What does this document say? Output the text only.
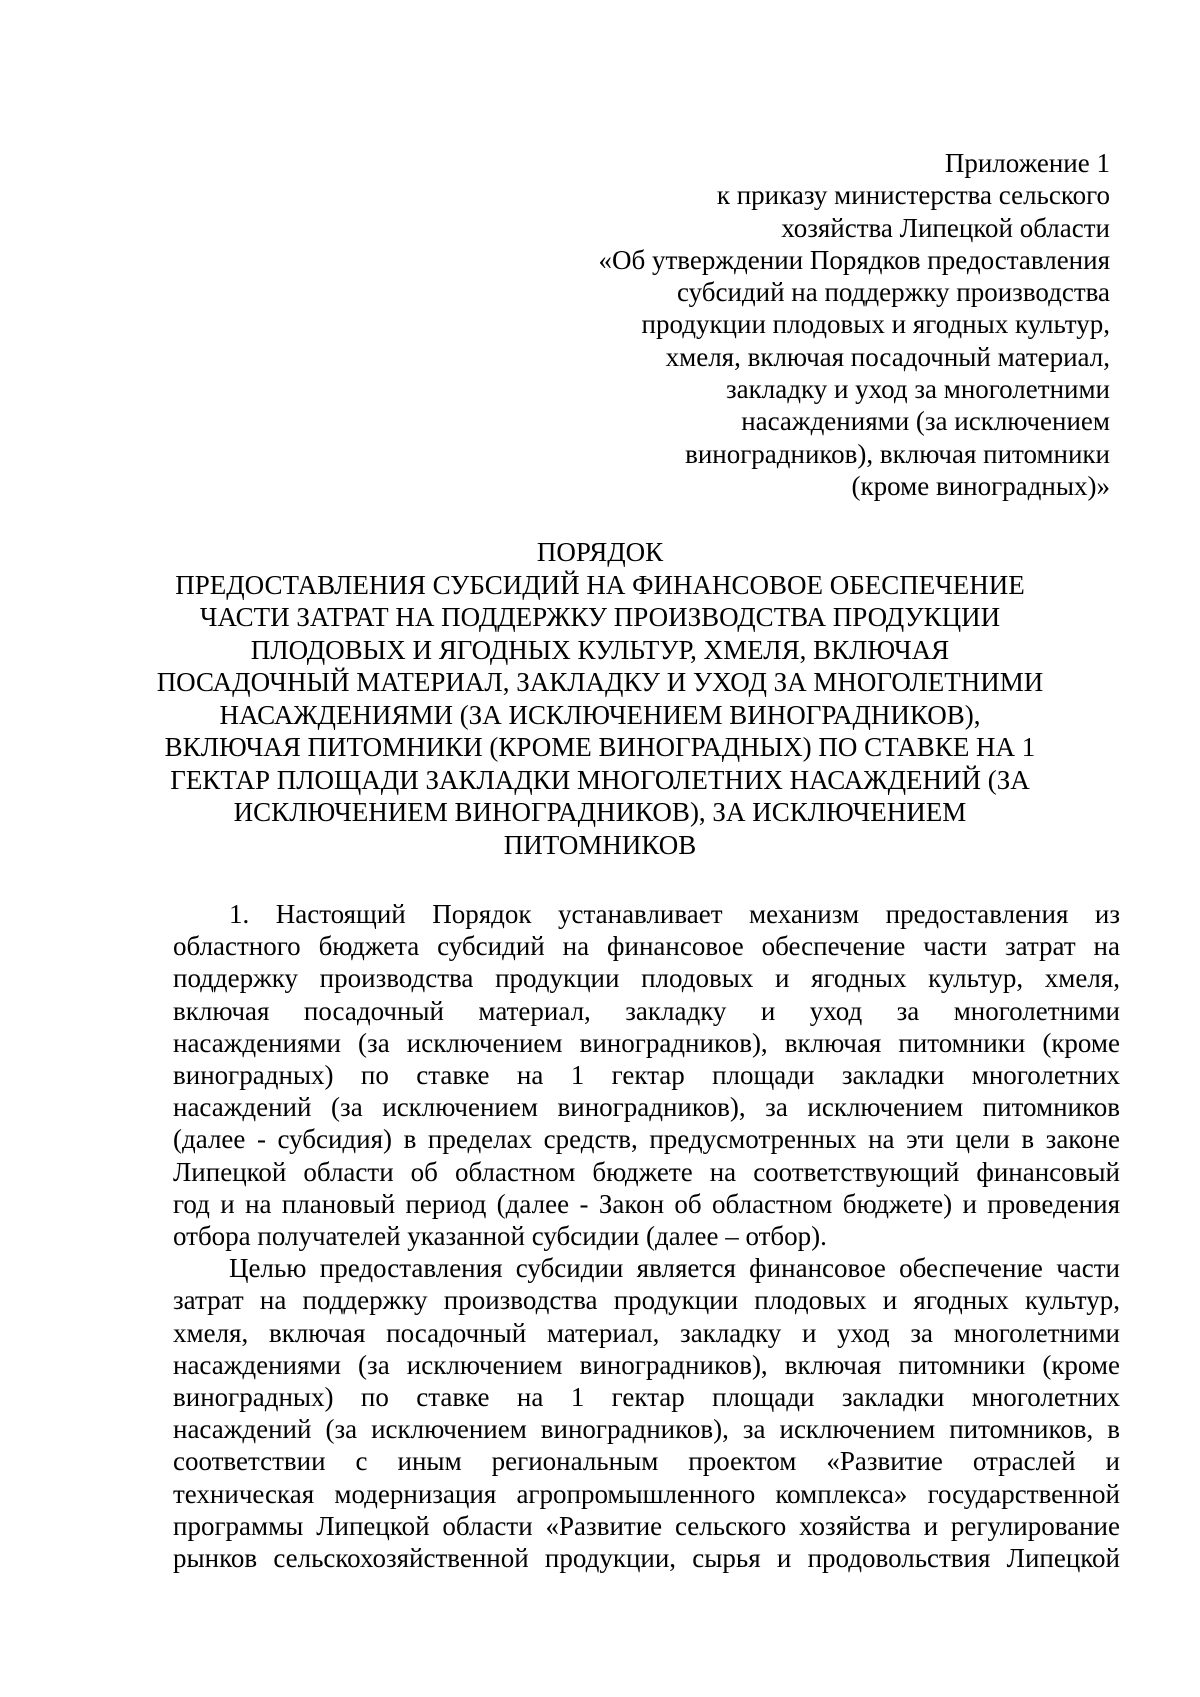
Приложение 1
к приказу министерства сельского
хозяйства Липецкой области
«Об утверждении Порядков предоставления
субсидий на поддержку производства
продукции плодовых и ягодных культур,
хмеля, включая посадочный материал,
закладку и уход за многолетними
насаждениями (за исключением
виноградников), включая питомники
(кроме виноградных)»
ПОРЯДОК
ПРЕДОСТАВЛЕНИЯ СУБСИДИЙ НА ФИНАНСОВОЕ ОБЕСПЕЧЕНИЕ
ЧАСТИ ЗАТРАТ НА ПОДДЕРЖКУ ПРОИЗВОДСТВА ПРОДУКЦИИ
ПЛОДОВЫХ И ЯГОДНЫХ КУЛЬТУР, ХМЕЛЯ, ВКЛЮЧАЯ
ПОСАДОЧНЫЙ МАТЕРИАЛ, ЗАКЛАДКУ И УХОД ЗА МНОГОЛЕТНИМИ
НАСАЖДЕНИЯМИ (ЗА ИСКЛЮЧЕНИЕМ ВИНОГРАДНИКОВ),
ВКЛЮЧАЯ ПИТОМНИКИ (КРОМЕ ВИНОГРАДНЫХ) ПО СТАВКЕ НА 1
ГЕКТАР ПЛОЩАДИ ЗАКЛАДКИ МНОГОЛЕТНИХ НАСАЖДЕНИЙ (ЗА
ИСКЛЮЧЕНИЕМ ВИНОГРАДНИКОВ), ЗА ИСКЛЮЧЕНИЕМ
ПИТОМНИКОВ

1. Настоящий Порядок устанавливает механизм предоставления из
областного бюджета субсидий на финансовое обеспечение части затрат на
поддержку производства продукции плодовых и ягодных культур, хмеля,
включая посадочный материал, закладку и уход за многолетними
насаждениями (за исключением виноградников), включая питомники (кроме
виноградных) по ставке на 1 гектар площади закладки многолетних
насаждений (за исключением виноградников), за исключением питомников
(далее - субсидия) в пределах средств, предусмотренных на эти цели в законе
Липецкой области об областном бюджете на соответствующий финансовый
год и на плановый период (далее - Закон об областном бюджете) и проведения
отбора получателей указанной субсидии (далее – отбор).

Целью предоставления субсидии является финансовое обеспечение части
затрат на поддержку производства продукции плодовых и ягодных культур,
хмеля, включая посадочный материал, закладку и уход за многолетними
насаждениями (за исключением виноградников), включая питомники (кроме
виноградных) по ставке на 1 гектар площади закладки многолетних
насаждений (за исключением виноградников), за исключением питомников, в
соответствии с иным региональным проектом «Развитие отраслей и
техническая модернизация агропромышленного комплекса» государственной
программы Липецкой области «Развитие сельского хозяйства и регулирование
рынков сельскохозяйственной продукции, сырья и продовольствия Липецкой
